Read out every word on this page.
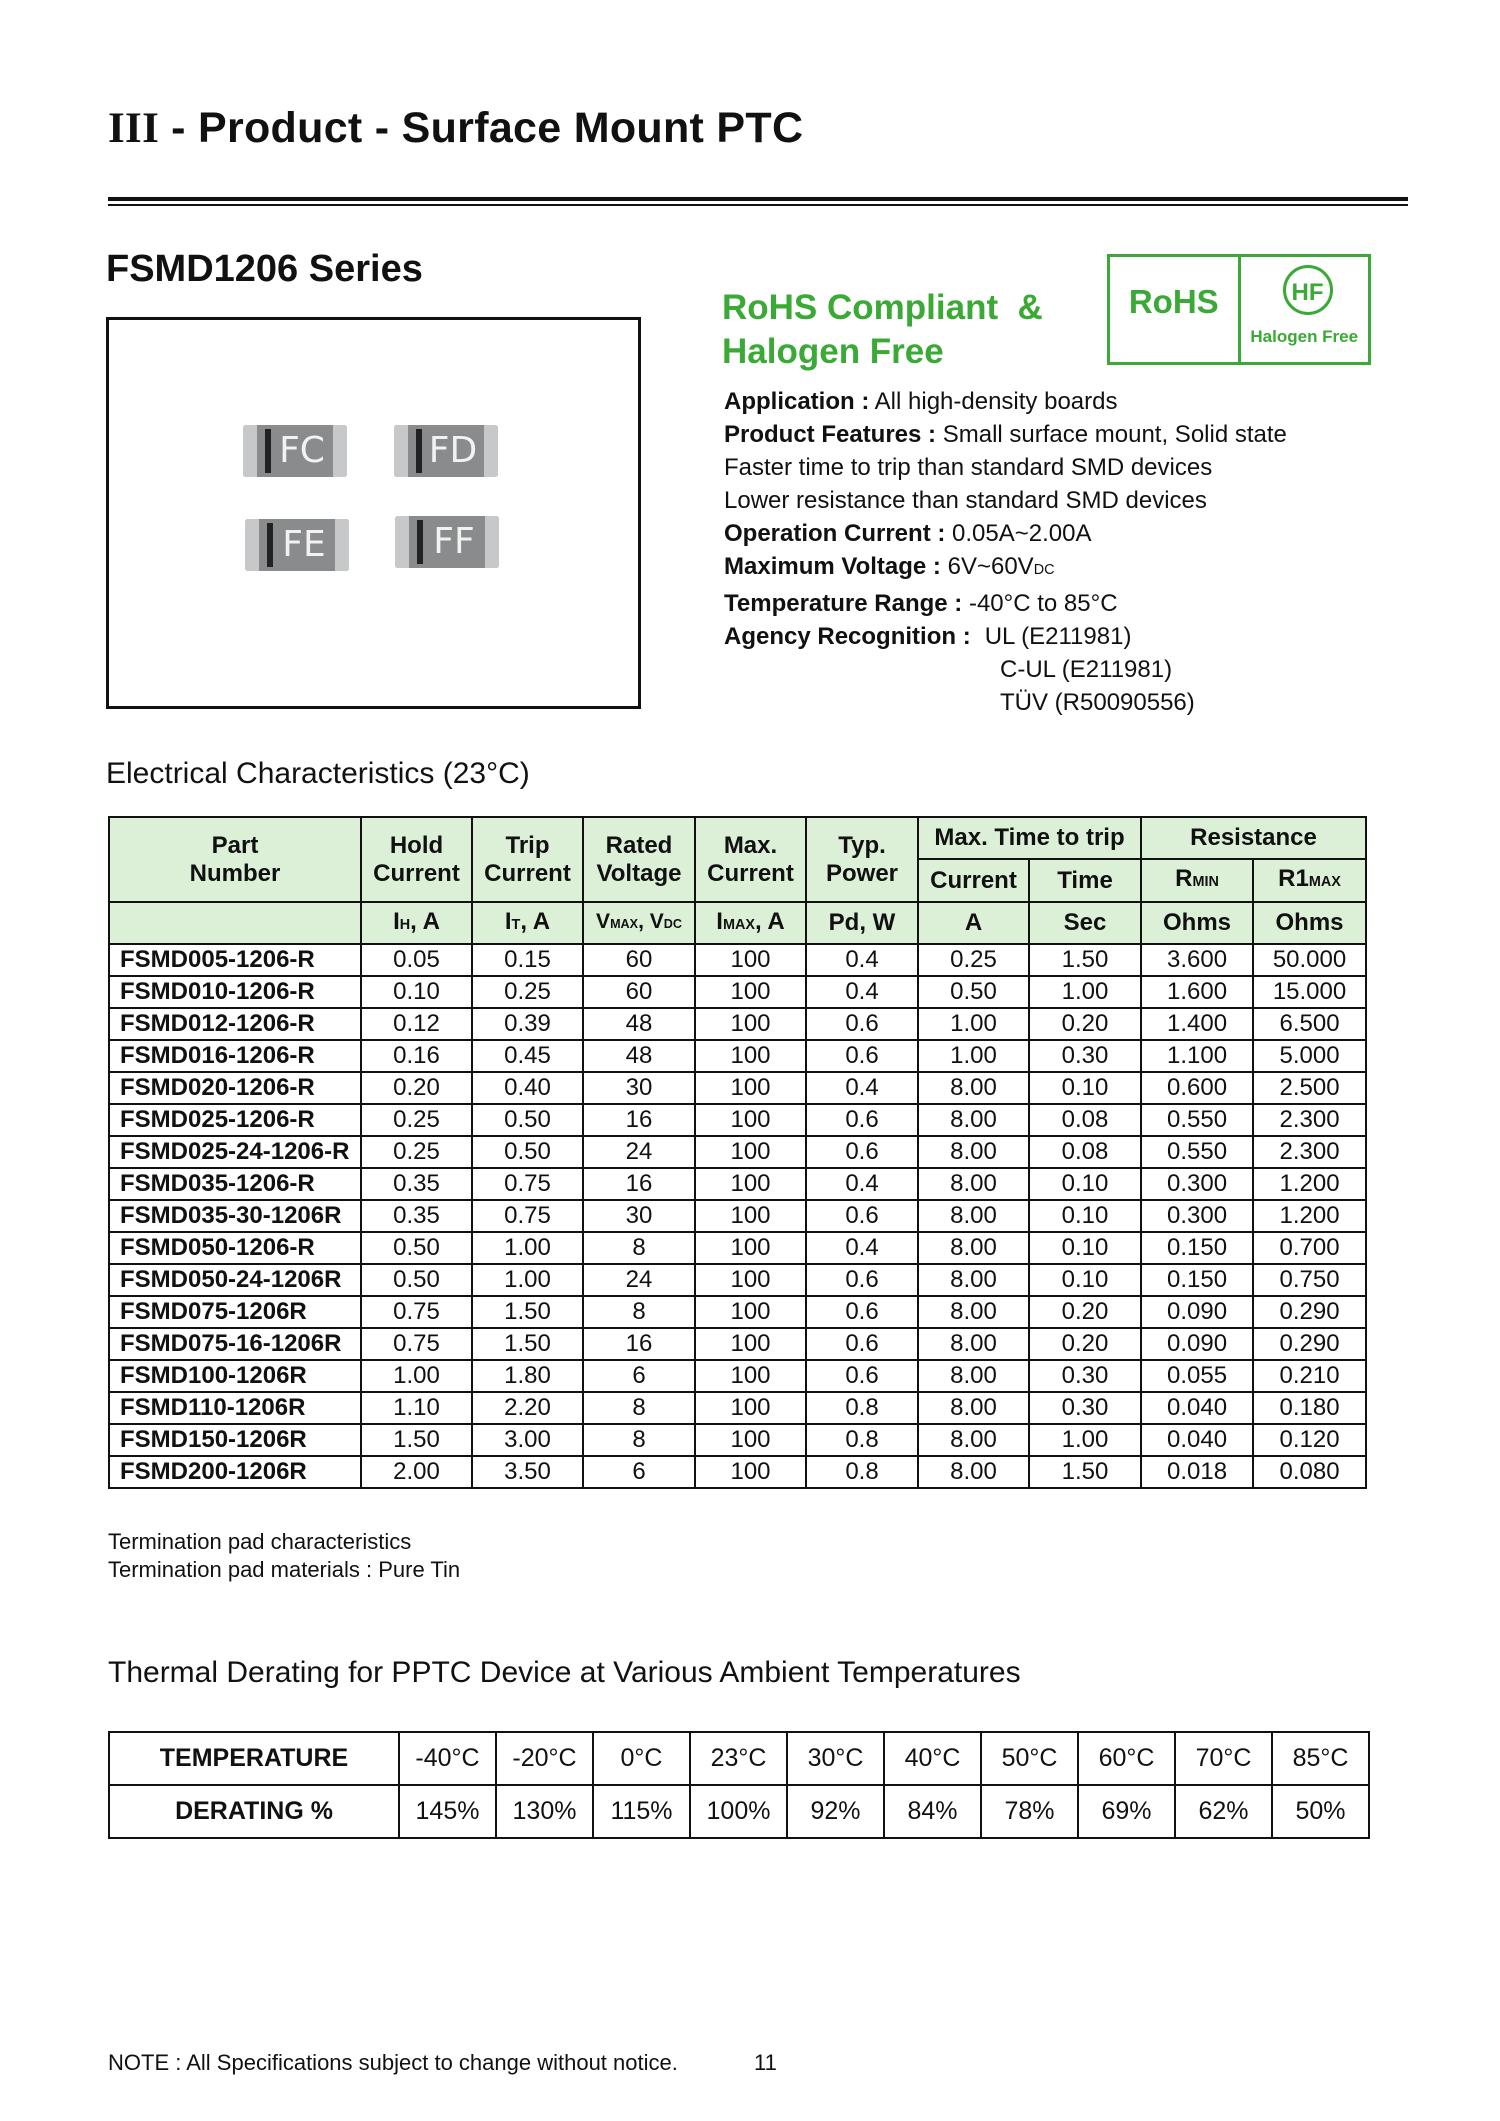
III - Product - Surface Mount PTC
FSMD1206 Series
FC	FD
FE	FF
RoHS Compliant  &
Halogen Free
RoHS	HF
Halogen Free
Application : All high-density boards
Product Features : Small surface mount, Solid state
Faster time to trip than standard SMD devices
Lower resistance than standard SMD devices
Operation Current : 0.05A~2.00A
Maximum Voltage : 6V~60VDC
Temperature Range : -40°C to 85°C
Agency Recognition : UL (E211981)
C-UL (E211981)
TÜV (R50090556)
Electrical Characteristics (23°C)
Part Number	Hold Current	Trip Current	Rated Voltage	Max. Current	Typ. Power	Max. Time to trip		Resistance	
						Current	Time	RMIN	R1MAX
	IH, A	IT, A	VMAX, VDC	IMAX, A	Pd, W	A	Sec	Ohms	Ohms
FSMD005-1206-R	0.05	0.15	60	100	0.4	0.25	1.50	3.600	50.000
FSMD010-1206-R	0.10	0.25	60	100	0.4	0.50	1.00	1.600	15.000
FSMD012-1206-R	0.12	0.39	48	100	0.6	1.00	0.20	1.400	6.500
FSMD016-1206-R	0.16	0.45	48	100	0.6	1.00	0.30	1.100	5.000
FSMD020-1206-R	0.20	0.40	30	100	0.4	8.00	0.10	0.600	2.500
FSMD025-1206-R	0.25	0.50	16	100	0.6	8.00	0.08	0.550	2.300
FSMD025-24-1206-R	0.25	0.50	24	100	0.6	8.00	0.08	0.550	2.300
FSMD035-1206-R	0.35	0.75	16	100	0.4	8.00	0.10	0.300	1.200
FSMD035-30-1206R	0.35	0.75	30	100	0.6	8.00	0.10	0.300	1.200
FSMD050-1206-R	0.50	1.00	8	100	0.4	8.00	0.10	0.150	0.700
FSMD050-24-1206R	0.50	1.00	24	100	0.6	8.00	0.10	0.150	0.750
FSMD075-1206R	0.75	1.50	8	100	0.6	8.00	0.20	0.090	0.290
FSMD075-16-1206R	0.75	1.50	16	100	0.6	8.00	0.20	0.090	0.290
FSMD100-1206R	1.00	1.80	6	100	0.6	8.00	0.30	0.055	0.210
FSMD110-1206R	1.10	2.20	8	100	0.8	8.00	0.30	0.040	0.180
FSMD150-1206R	1.50	3.00	8	100	0.8	8.00	1.00	0.040	0.120
FSMD200-1206R	2.00	3.50	6	100	0.8	8.00	1.50	0.018	0.080
Termination pad characteristics
Termination pad materials : Pure Tin
Thermal Derating for PPTC Device at Various Ambient Temperatures
TEMPERATURE	-40°C	-20°C	0°C	23°C	30°C	40°C	50°C	60°C	70°C	85°C
DERATING %	145%	130%	115%	100%	92%	84%	78%	69%	62%	50%
NOTE : All Specifications subject to change without notice.	11
